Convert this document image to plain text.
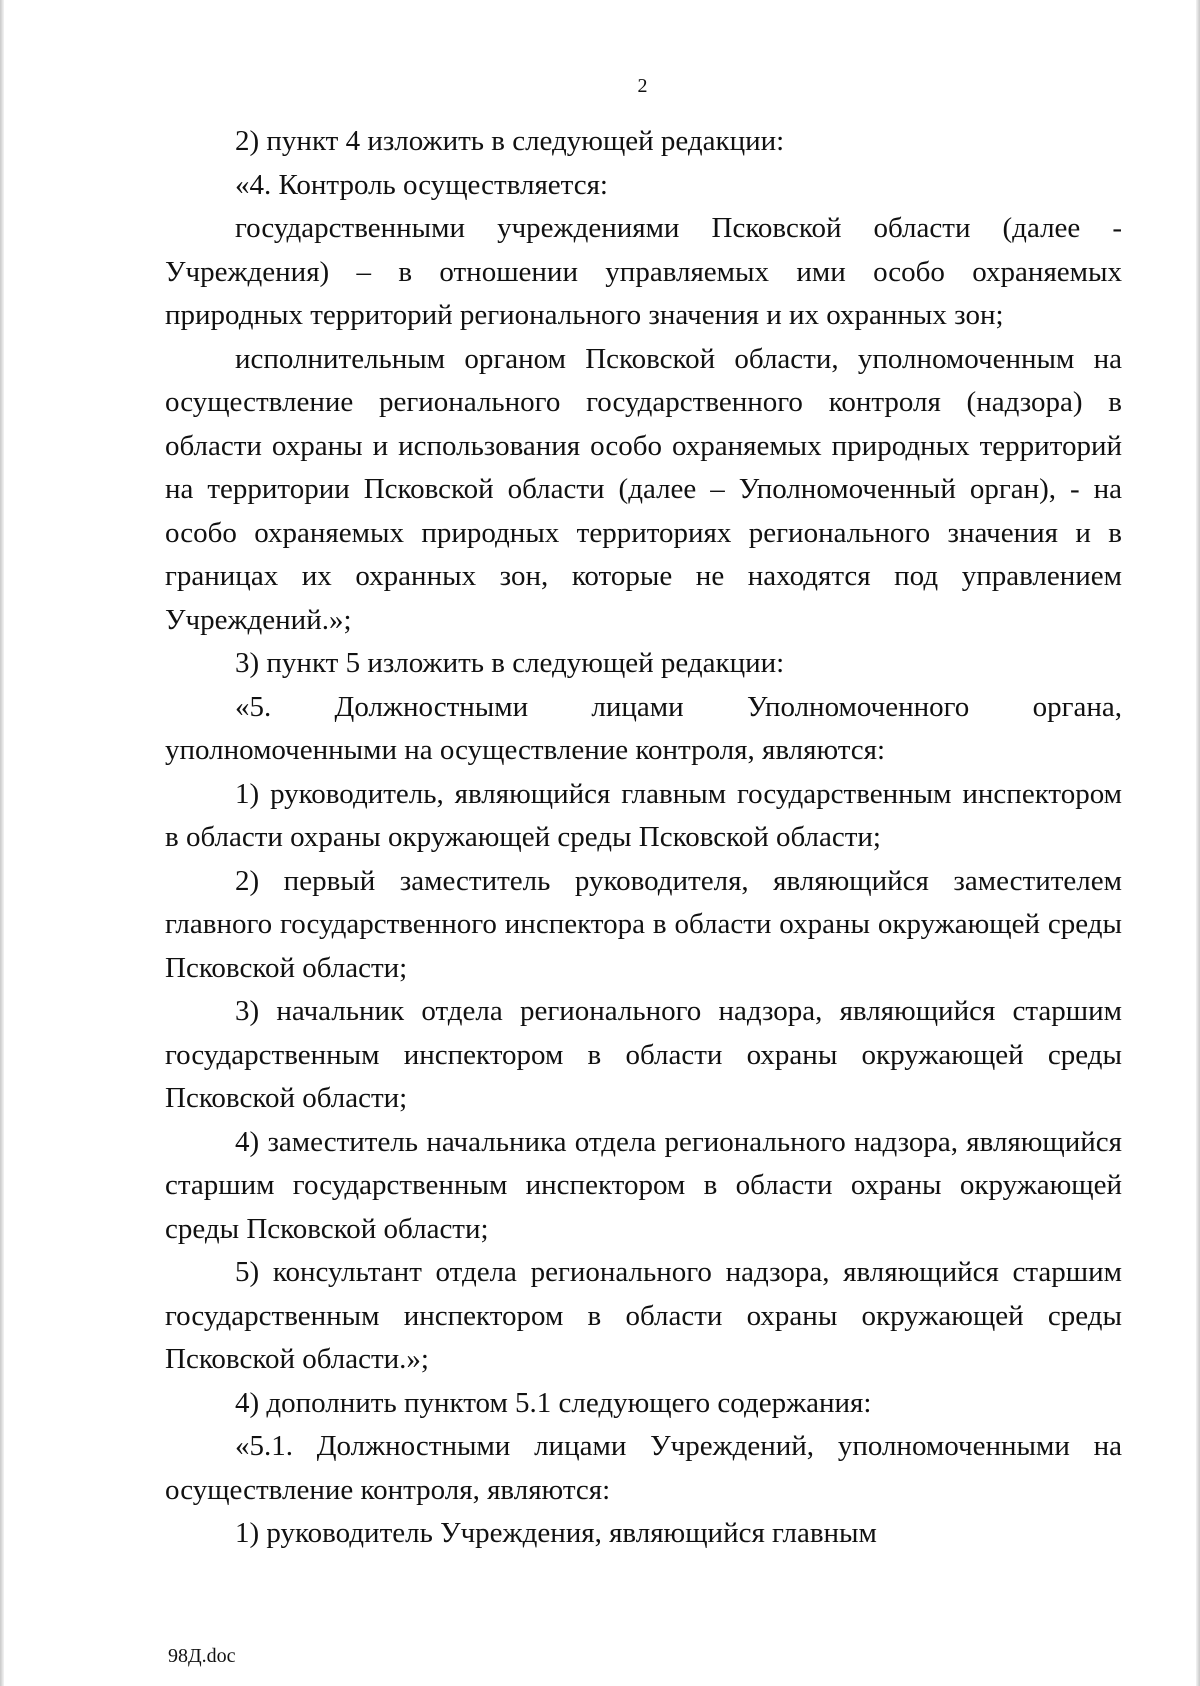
2

2) пункт 4 изложить в следующей редакции:

«4. Контроль осуществляется:

государственными учреждениями Псковской области (далее - Учреждения) – в отношении управляемых ими особо охраняемых природных территорий регионального значения и их охранных зон;

исполнительным органом Псковской области, уполномоченным на осуществление регионального государственного контроля (надзора) в области охраны и использования особо охраняемых природных территорий на территории Псковской области (далее – Уполномоченный орган), - на особо охраняемых природных территориях регионального значения и в границах их охранных зон, которые не находятся под управлением Учреждений.»;

3) пункт 5 изложить в следующей редакции:

«5. Должностными лицами Уполномоченного органа, уполномоченными на осуществление контроля, являются:

1) руководитель, являющийся главным государственным инспектором в области охраны окружающей среды Псковской области;

2) первый заместитель руководителя, являющийся заместителем главного государственного инспектора в области охраны окружающей среды Псковской области;

3) начальник отдела регионального надзора, являющийся старшим государственным инспектором в области охраны окружающей среды Псковской области;

4) заместитель начальника отдела регионального надзора, являющийся старшим государственным инспектором в области охраны окружающей среды Псковской области;

5) консультант отдела регионального надзора, являющийся старшим государственным инспектором в области охраны окружающей среды Псковской области.»;

4) дополнить пунктом 5.1 следующего содержания:

«5.1. Должностными лицами Учреждений, уполномоченными на осуществление контроля, являются:

1) руководитель Учреждения, являющийся главным

98Д.doc
